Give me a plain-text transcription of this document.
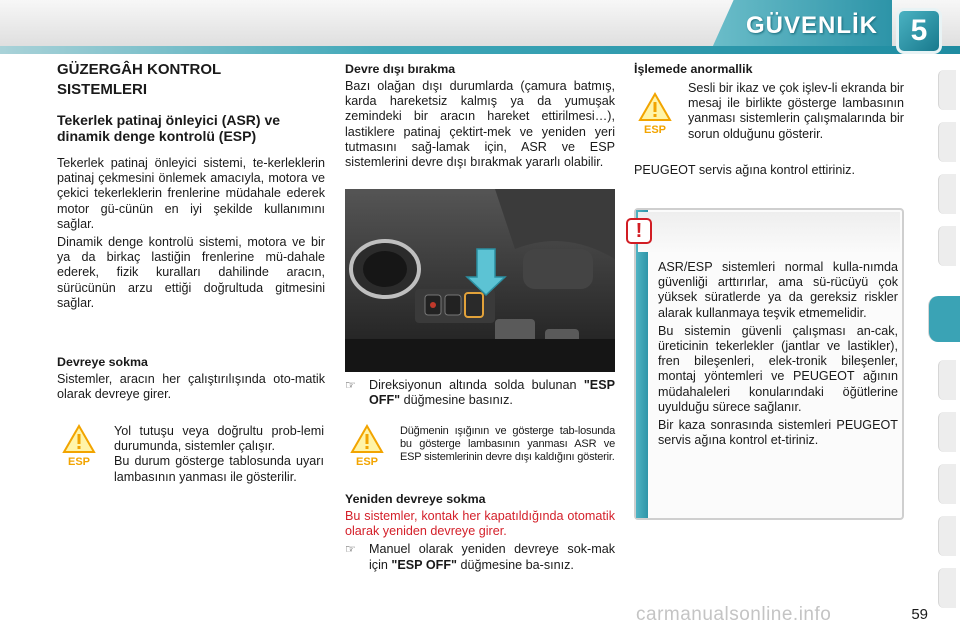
GÜVENLİK	5
GÜZERGÂH KONTROL
SISTEMLERI
Tekerlek patinaj önleyici (ASR) ve dinamik denge kontrolü (ESP)

Tekerlek patinaj önleyici sistemi, te-kerleklerin patinaj çekmesini önlemek amacıyla, motora ve çekici tekerleklerin frenlerine müdahale ederek motor gü-cünün en iyi şekilde kullanımını sağlar.

Dinamik denge kontrolü sistemi, motora ve bir ya da birkaç lastiğin frenlerine mü-dahale ederek, fizik kuralları dahilinde aracın, sürücünün arzu ettiği doğrultuda gitmesini sağlar.

Devreye sokma

Sistemler, aracın her çalıştırılışında oto-matik olarak devreye girer.

ESP

Yol tutuşu veya doğrultu prob-lemi durumunda, sistemler çalışır.

Bu durum gösterge tablosunda uyarı lambasının yanması ile gösterilir.

Devre dışı bırakma

Bazı olağan dışı durumlarda (çamura batmış, karda hareketsiz kalmış ya da yumuşak zemindeki bir aracın hareket ettirilmesi…), lastiklere patinaj çektirt-mek ve yeniden yeri tutmasını sağ-lamak için, ASR ve ESP sistemlerini devre dışı bırakmak yararlı olabilir.

☞	Direksiyonun altında solda bulunan "ESP OFF" düğmesine basınız.
ESP
Düğmenin ışığının ve gösterge tab-losunda bu gösterge lambasının yanması ASR ve ESP sistemlerinin devre dışı kaldığını gösterir.
Yeniden devreye sokma

Bu sistemler, kontak her kapatıldığında otomatik olarak yeniden devreye girer.

☞	Manuel olarak yeniden devreye sok-mak için "ESP OFF" düğmesine ba-sınız.
İşlemede anormallik
ESP
Sesli bir ikaz ve çok işlev-li ekranda bir mesaj ile birlikte gösterge lambasının yanması sistemlerin çalışmalarında bir sorun olduğunu gösterir.
PEUGEOT servis ağına kontrol ettiriniz.

ASR/ESP sistemleri normal kulla-nımda güvenliği arttırırlar, ama sü-rücüyü çok yüksek süratlerde ya da gereksiz riskler alarak kullanmaya teşvik etmemelidir.

Bu sistemin güvenli çalışması an-cak, üreticinin tekerlekler (jantlar ve lastikler), fren bileşenleri, elek-tronik bileşenler, montaj yöntemleri ve PEUGEOT ağının müdahaleleri konularındaki öğütlerine uyulduğu sürece sağlanır.

Bir kaza sonrasında sistemleri PEUGEOT servis ağına kontrol et-tiriniz.

!
carmanualsonline.info	59
